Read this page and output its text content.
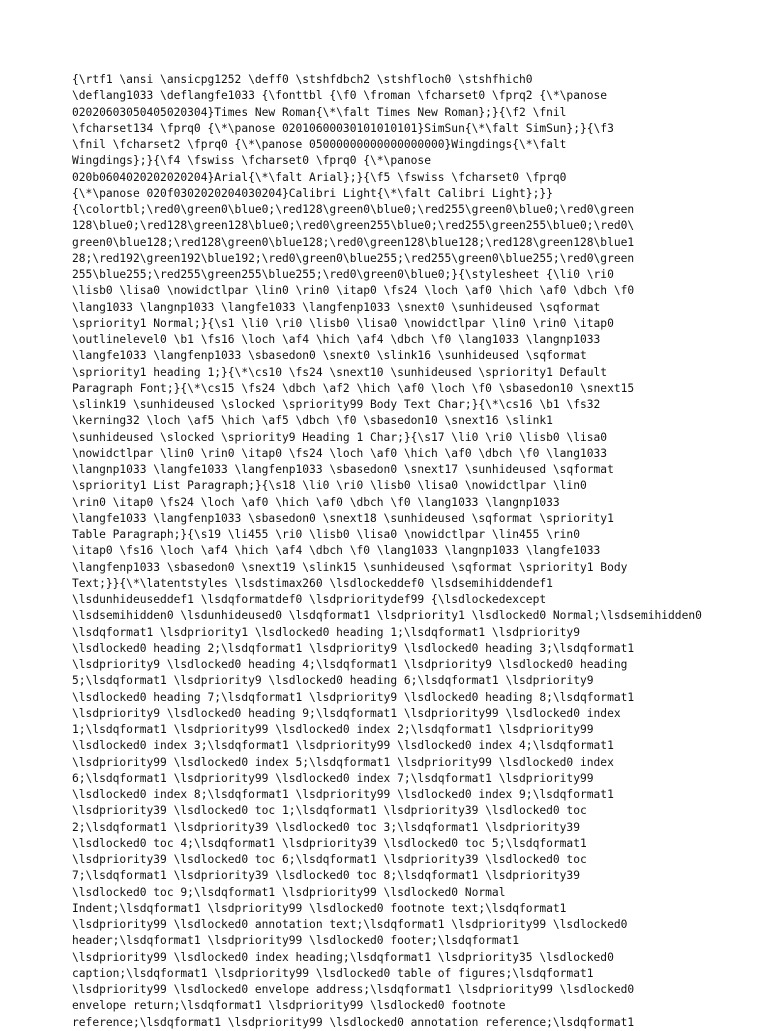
{\rtf1 \ansi \ansicpg1252 \deff0 \stshfdbch2 \stshfloch0 \stshfhich0
\deflang1033 \deflangfe1033 {\fonttbl {\f0 \froman \fcharset0 \fprq2 {\*\panose
02020603050405020304}Times New Roman{\*\falt Times New Roman};}{\f2 \fnil
\fcharset134 \fprq0 {\*\panose 02010600030101010101}SimSun{\*\falt SimSun};}{\f3
\fnil \fcharset2 \fprq0 {\*\panose 05000000000000000000}Wingdings{\*\falt
Wingdings};}{\f4 \fswiss \fcharset0 \fprq0 {\*\panose
020b0604020202020204}Arial{\*\falt Arial};}{\f5 \fswiss \fcharset0 \fprq0
{\*\panose 020f0302020204030204}Calibri Light{\*\falt Calibri Light};}}
{\colortbl;\red0\green0\blue0;\red128\green0\blue0;\red255\green0\blue0;\red0\green
128\blue0;\red128\green128\blue0;\red0\green255\blue0;\red255\green255\blue0;\red0\
green0\blue128;\red128\green0\blue128;\red0\green128\blue128;\red128\green128\blue1
28;\red192\green192\blue192;\red0\green0\blue255;\red255\green0\blue255;\red0\green
255\blue255;\red255\green255\blue255;\red0\green0\blue0;}{\stylesheet {\li0 \ri0
\lisb0 \lisa0 \nowidctlpar \lin0 \rin0 \itap0 \fs24 \loch \af0 \hich \af0 \dbch \f0
\lang1033 \langnp1033 \langfe1033 \langfenp1033 \snext0 \sunhideused \sqformat
\spriority1 Normal;}{\s1 \li0 \ri0 \lisb0 \lisa0 \nowidctlpar \lin0 \rin0 \itap0
\outlinelevel0 \b1 \fs16 \loch \af4 \hich \af4 \dbch \f0 \lang1033 \langnp1033
\langfe1033 \langfenp1033 \sbasedon0 \snext0 \slink16 \sunhideused \sqformat
\spriority1 heading 1;}{\*\cs10 \fs24 \snext10 \sunhideused \spriority1 Default
Paragraph Font;}{\*\cs15 \fs24 \dbch \af2 \hich \af0 \loch \f0 \sbasedon10 \snext15
\slink19 \sunhideused \slocked \spriority99 Body Text Char;}{\*\cs16 \b1 \fs32
\kerning32 \loch \af5 \hich \af5 \dbch \f0 \sbasedon10 \snext16 \slink1
\sunhideused \slocked \spriority9 Heading 1 Char;}{\s17 \li0 \ri0 \lisb0 \lisa0
\nowidctlpar \lin0 \rin0 \itap0 \fs24 \loch \af0 \hich \af0 \dbch \f0 \lang1033
\langnp1033 \langfe1033 \langfenp1033 \sbasedon0 \snext17 \sunhideused \sqformat
\spriority1 List Paragraph;}{\s18 \li0 \ri0 \lisb0 \lisa0 \nowidctlpar \lin0
\rin0 \itap0 \fs24 \loch \af0 \hich \af0 \dbch \f0 \lang1033 \langnp1033
\langfe1033 \langfenp1033 \sbasedon0 \snext18 \sunhideused \sqformat \spriority1
Table Paragraph;}{\s19 \li455 \ri0 \lisb0 \lisa0 \nowidctlpar \lin455 \rin0
\itap0 \fs16 \loch \af4 \hich \af4 \dbch \f0 \lang1033 \langnp1033 \langfe1033
\langfenp1033 \sbasedon0 \snext19 \slink15 \sunhideused \sqformat \spriority1 Body
Text;}}{\*\latentstyles \lsdstimax260 \lsdlockeddef0 \lsdsemihiddendef1
\lsdunhideuseddef1 \lsdqformatdef0 \lsdprioritydef99 {\lsdlockedexcept
\lsdsemihidden0 \lsdunhideused0 \lsdqformat1 \lsdpriority1 \lsdlocked0 Normal;\lsdsemihidden0
\lsdqformat1 \lsdpriority1 \lsdlocked0 heading 1;\lsdqformat1 \lsdpriority9
\lsdlocked0 heading 2;\lsdqformat1 \lsdpriority9 \lsdlocked0 heading 3;\lsdqformat1
\lsdpriority9 \lsdlocked0 heading 4;\lsdqformat1 \lsdpriority9 \lsdlocked0 heading
5;\lsdqformat1 \lsdpriority9 \lsdlocked0 heading 6;\lsdqformat1 \lsdpriority9
\lsdlocked0 heading 7;\lsdqformat1 \lsdpriority9 \lsdlocked0 heading 8;\lsdqformat1
\lsdpriority9 \lsdlocked0 heading 9;\lsdqformat1 \lsdpriority99 \lsdlocked0 index
1;\lsdqformat1 \lsdpriority99 \lsdlocked0 index 2;\lsdqformat1 \lsdpriority99
\lsdlocked0 index 3;\lsdqformat1 \lsdpriority99 \lsdlocked0 index 4;\lsdqformat1
\lsdpriority99 \lsdlocked0 index 5;\lsdqformat1 \lsdpriority99 \lsdlocked0 index
6;\lsdqformat1 \lsdpriority99 \lsdlocked0 index 7;\lsdqformat1 \lsdpriority99
\lsdlocked0 index 8;\lsdqformat1 \lsdpriority99 \lsdlocked0 index 9;\lsdqformat1
\lsdpriority39 \lsdlocked0 toc 1;\lsdqformat1 \lsdpriority39 \lsdlocked0 toc
2;\lsdqformat1 \lsdpriority39 \lsdlocked0 toc 3;\lsdqformat1 \lsdpriority39
\lsdlocked0 toc 4;\lsdqformat1 \lsdpriority39 \lsdlocked0 toc 5;\lsdqformat1
\lsdpriority39 \lsdlocked0 toc 6;\lsdqformat1 \lsdpriority39 \lsdlocked0 toc
7;\lsdqformat1 \lsdpriority39 \lsdlocked0 toc 8;\lsdqformat1 \lsdpriority39
\lsdlocked0 toc 9;\lsdqformat1 \lsdpriority99 \lsdlocked0 Normal
Indent;\lsdqformat1 \lsdpriority99 \lsdlocked0 footnote text;\lsdqformat1
\lsdpriority99 \lsdlocked0 annotation text;\lsdqformat1 \lsdpriority99 \lsdlocked0
header;\lsdqformat1 \lsdpriority99 \lsdlocked0 footer;\lsdqformat1
\lsdpriority99 \lsdlocked0 index heading;\lsdqformat1 \lsdpriority35 \lsdlocked0
caption;\lsdqformat1 \lsdpriority99 \lsdlocked0 table of figures;\lsdqformat1
\lsdpriority99 \lsdlocked0 envelope address;\lsdqformat1 \lsdpriority99 \lsdlocked0
envelope return;\lsdqformat1 \lsdpriority99 \lsdlocked0 footnote
reference;\lsdqformat1 \lsdpriority99 \lsdlocked0 annotation reference;\lsdqformat1
